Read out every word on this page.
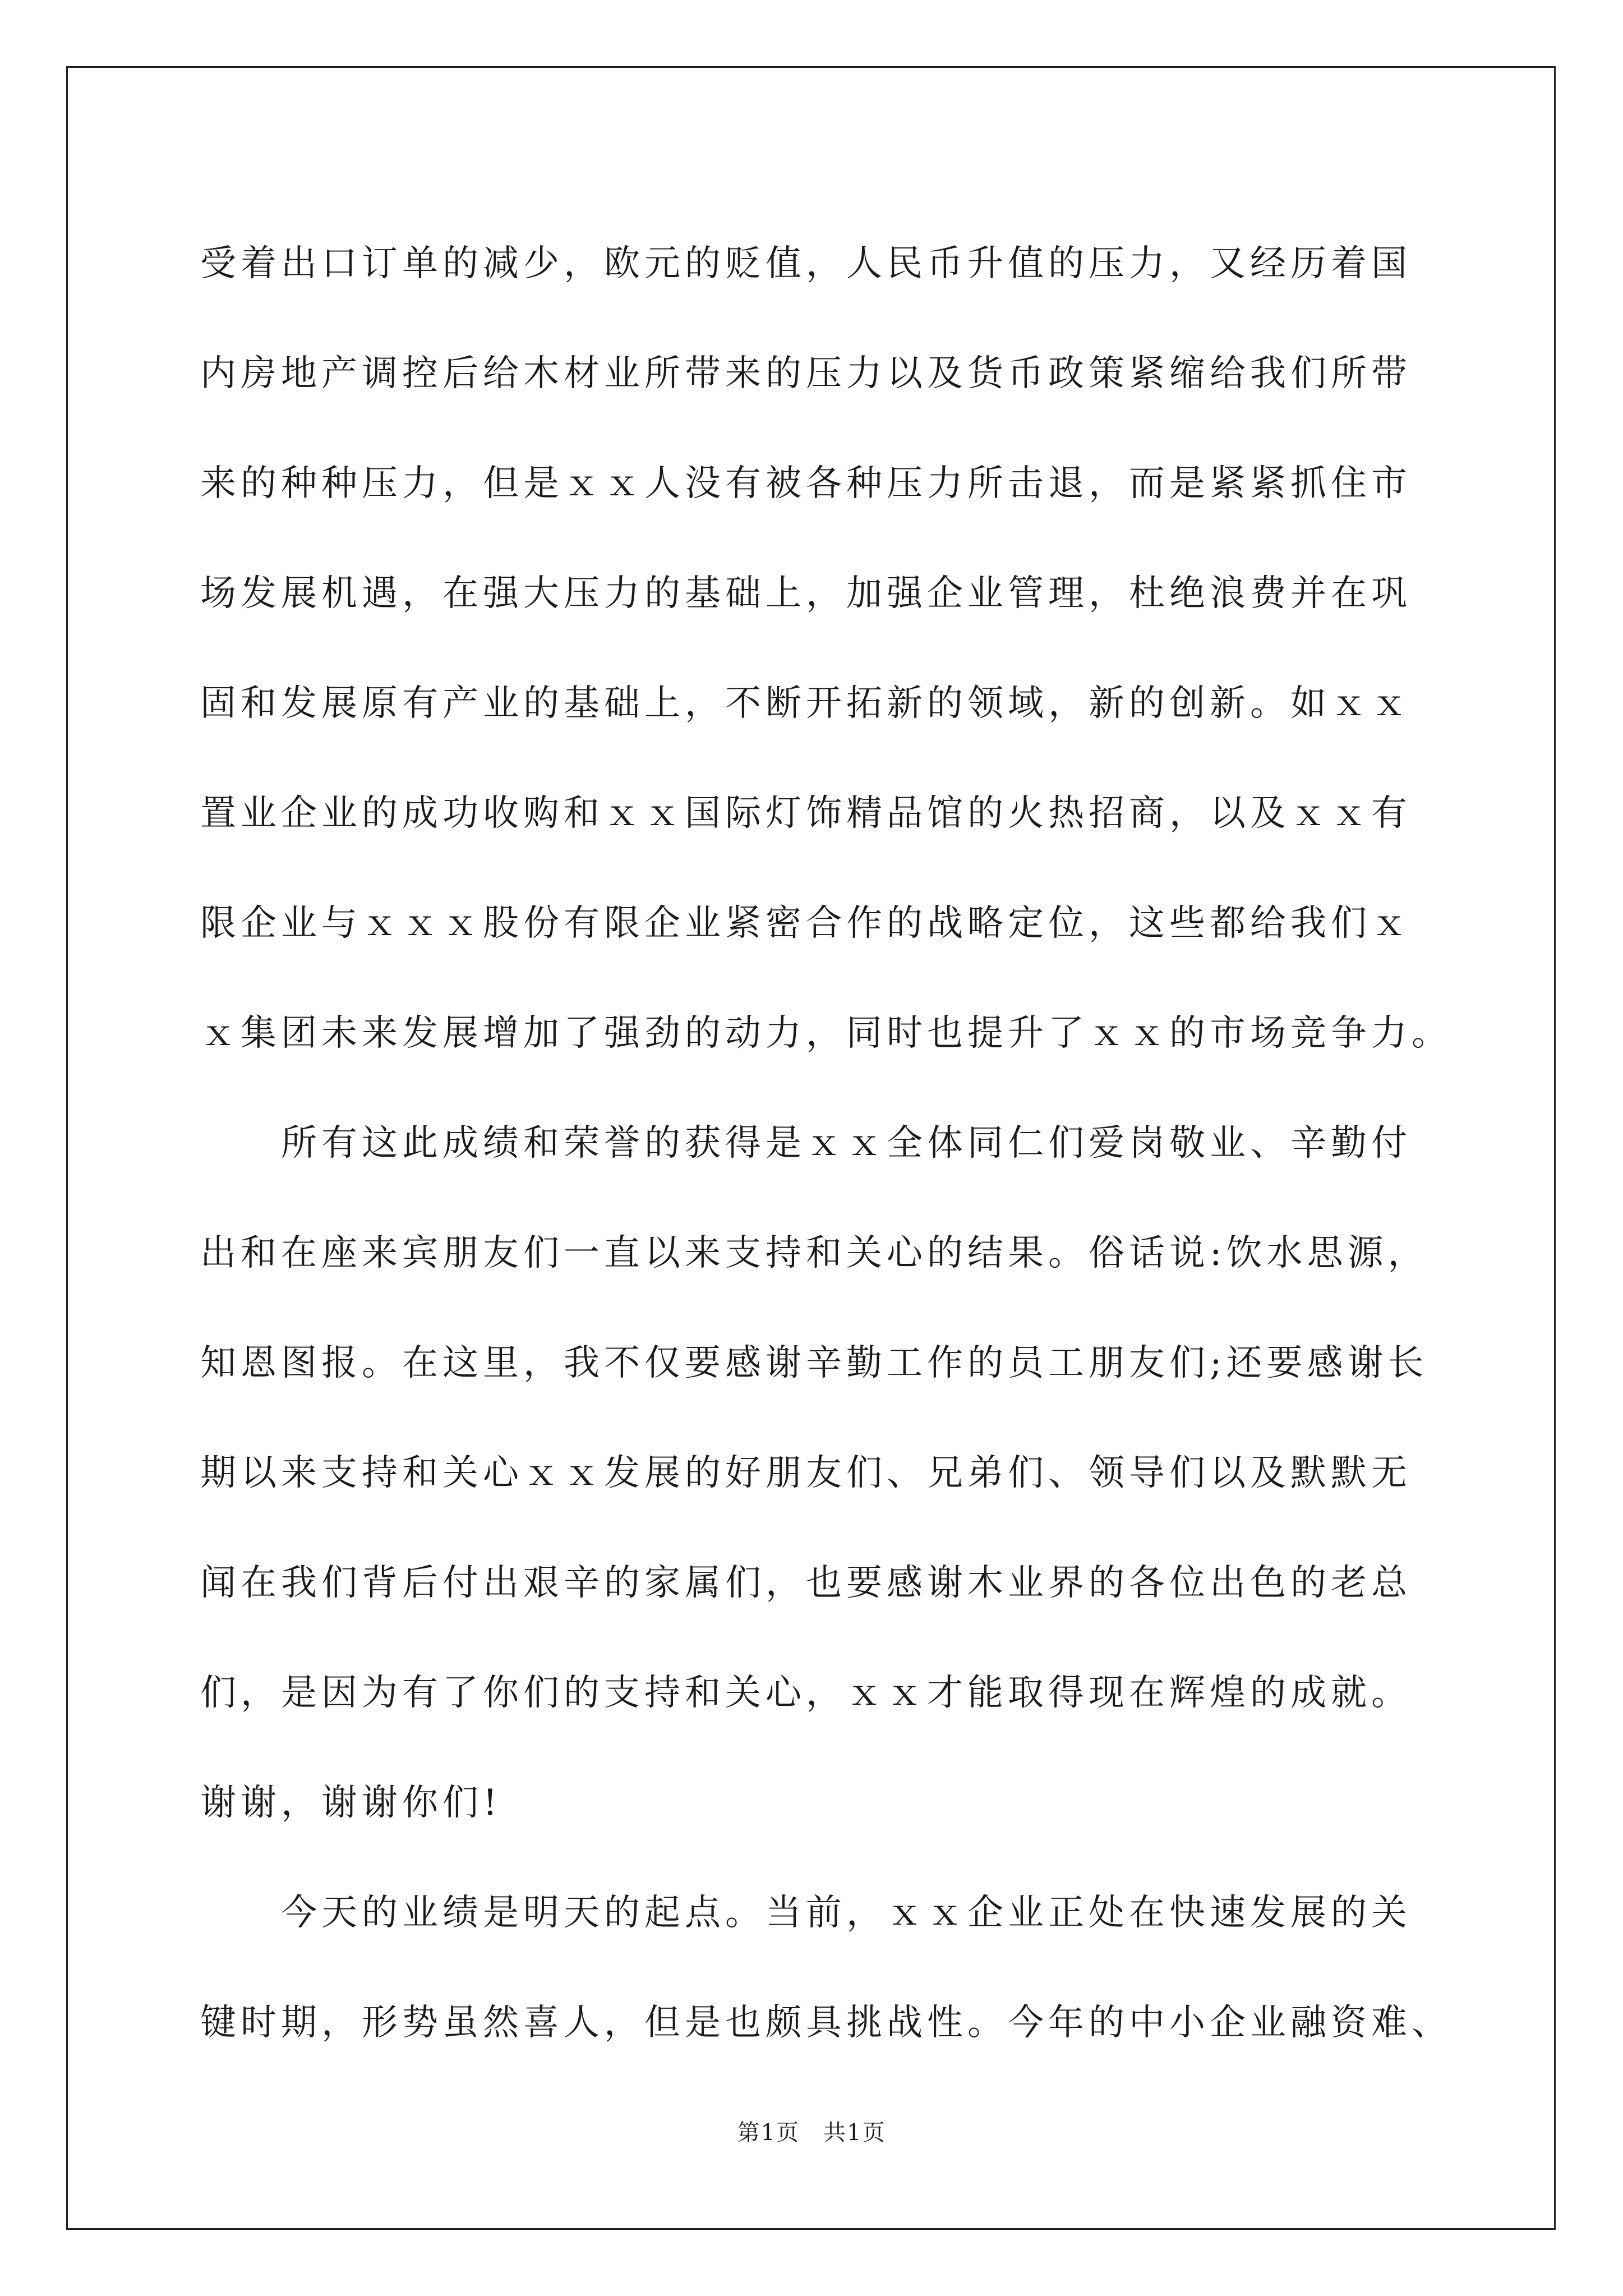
受着出口订单的减少，欧元的贬值，人民币升值的压力，又经历着国

内房地产调控后给木材业所带来的压力以及货币政策紧缩给我们所带

来的种种压力，但是ｘｘ人没有被各种压力所击退，而是紧紧抓住市

场发展机遇，在强大压力的基础上，加强企业管理，杜绝浪费并在巩

固和发展原有产业的基础上，不断开拓新的领域，新的创新。如ｘｘ

置业企业的成功收购和ｘｘ国际灯饰精品馆的火热招商，以及ｘｘ有

限企业与ｘｘｘ股份有限企业紧密合作的战略定位，这些都给我们ｘ

ｘ集团未来发展增加了强劲的动力，同时也提升了ｘｘ的市场竞争力。

所有这此成绩和荣誉的获得是ｘｘ全体同仁们爱岗敬业、辛勤付

出和在座来宾朋友们一直以来支持和关心的结果。俗话说:饮水思源，

知恩图报。在这里，我不仅要感谢辛勤工作的员工朋友们;还要感谢长

期以来支持和关心ｘｘ发展的好朋友们、兄弟们、领导们以及默默无

闻在我们背后付出艰辛的家属们，也要感谢木业界的各位出色的老总

们，是因为有了你们的支持和关心，ｘｘ才能取得现在辉煌的成就。

谢谢，谢谢你们!

今天的业绩是明天的起点。当前，ｘｘ企业正处在快速发展的关

键时期，形势虽然喜人，但是也颇具挑战性。今年的中小企业融资难、

第1页　共1页
